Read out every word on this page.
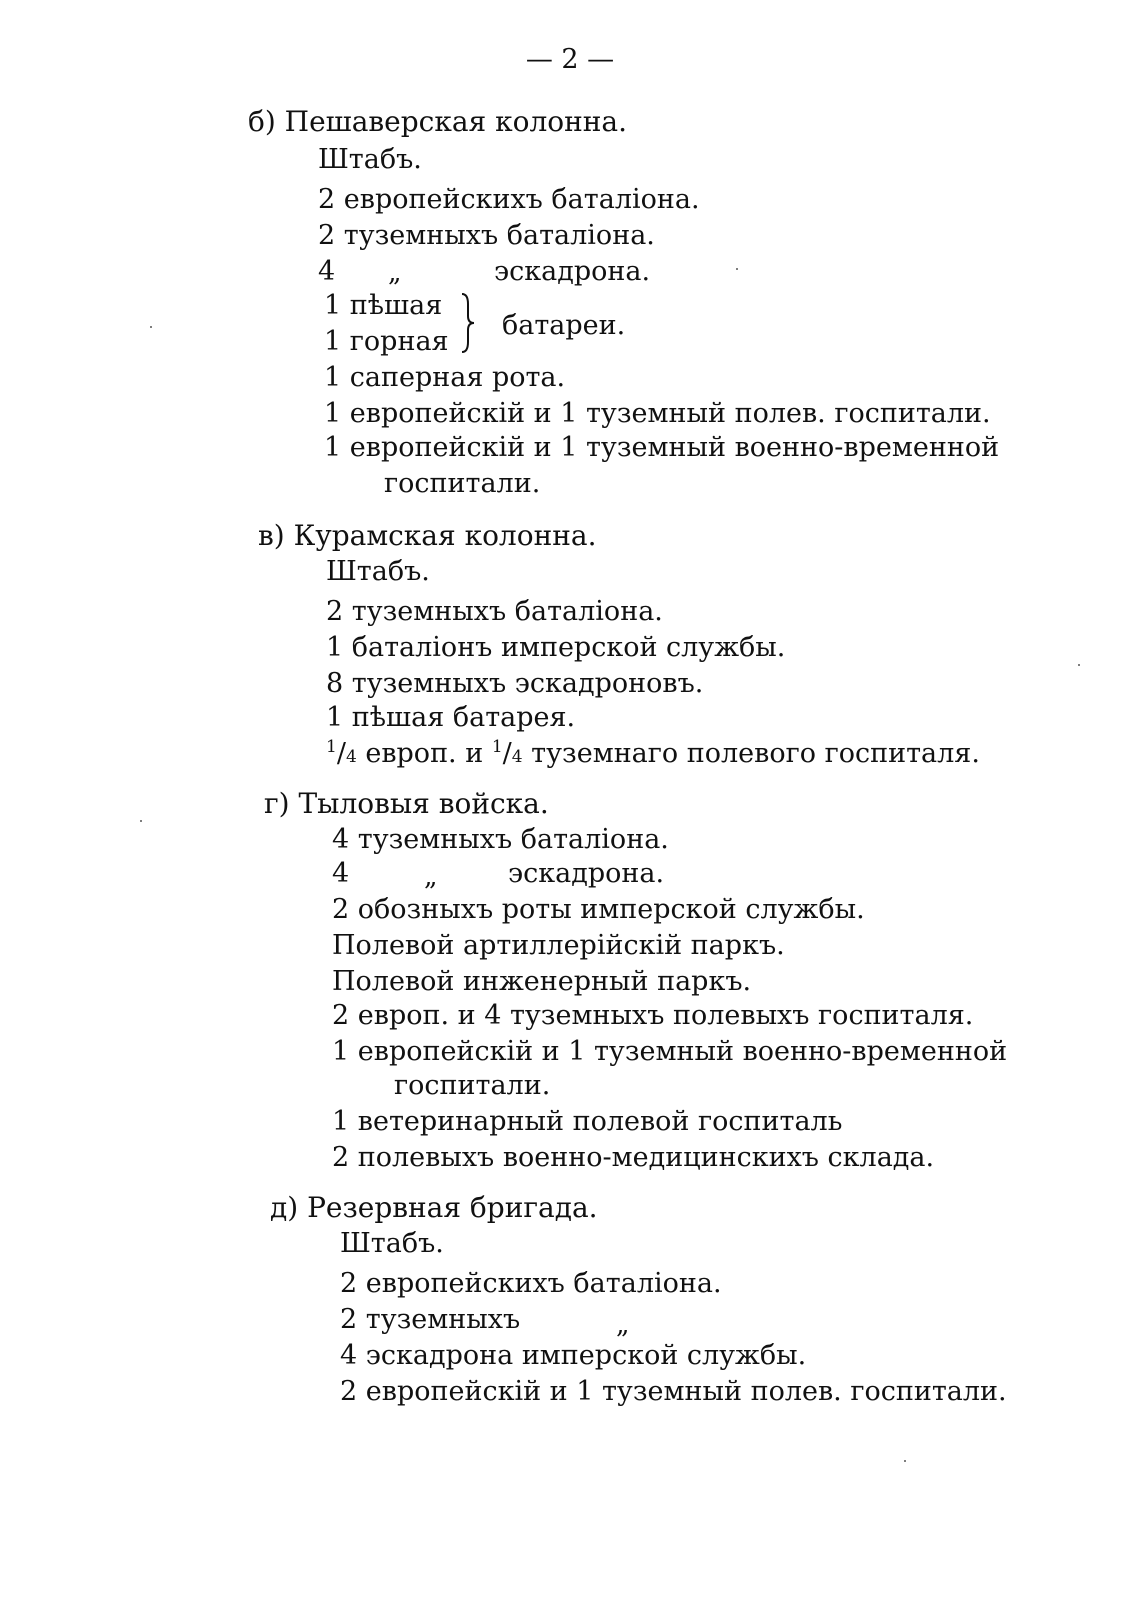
— 2 —
б) Пешаверская колонна.
Штабъ.
2 европейскихъ баталiона.
2 туземныхъ баталiона.
4 „	эскадрона.
1 пѣшая
1 горная
батареи.
1 саперная рота.
1 европейскiй и 1 туземный полев. госпитали.
1 европейскiй и 1 туземный военно-временной
госпитали.
в) Курамская колонна.
Штабъ.
2 туземныхъ баталiона.
1 баталiонъ имперской службы.
8 туземныхъ эскадроновъ.
1 пѣшая батарея.
$^1$/4 европ. и $^1$/4 туземнаго полевого госпиталя.
г) Тыловыя войска.
4 туземныхъ баталiона.
4	„	эскадрона.
2 обозныхъ роты имперской службы.
Полевой артиллерiйскiй паркъ.
Полевой инженерный паркъ.
2 европ. и 4 туземныхъ полевыхъ госпиталя.
1 европейскiй и 1 туземный военно-временной
госпитали.
1 ветеринарный полевой госпиталь
2 полевыхъ военно-медицинскихъ склада.
д) Резервная бригада.
Штабъ.
2 европейскихъ баталiона.
2 туземныхъ	„
4 эскадрона имперской службы.
2 европейскiй и 1 туземный полев. госпитали.
